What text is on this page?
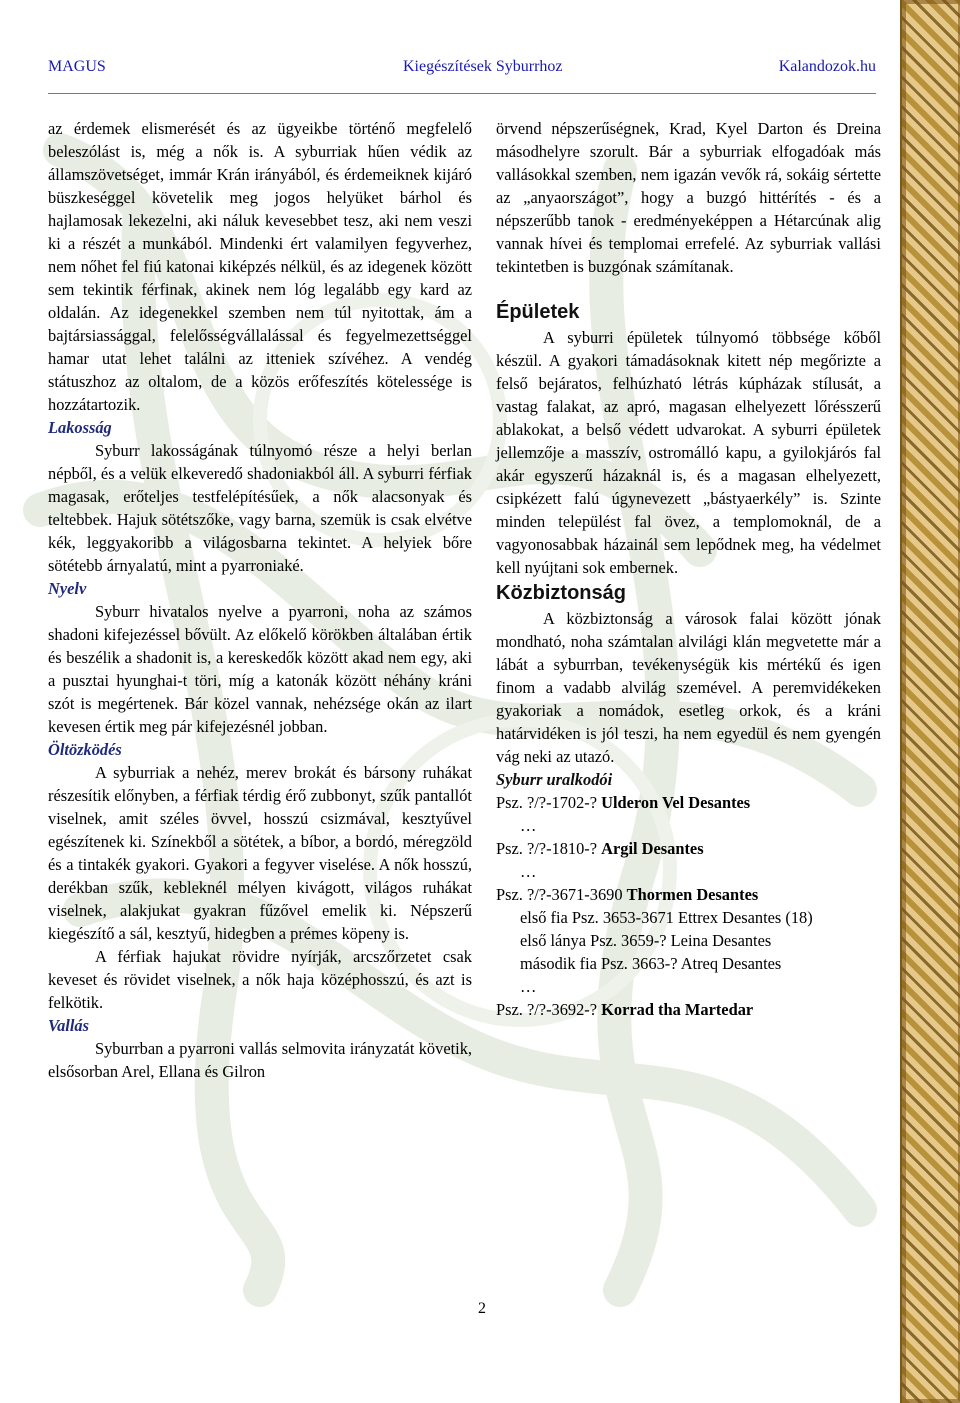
MAGUS	Kiegészítések Syburrhoz	Kalandozok.hu

az érdemek elismerését és az ügyeikbe történő megfelelő beleszólást is, még a nők is. A syburriak hűen védik az államszövetséget, immár Krán irányából, és érdemeiknek kijáró büszkeséggel követelik meg jogos helyüket bárhol és hajlamosak lekezelni, aki náluk kevesebbet tesz, aki nem veszi ki a részét a munkából. Mindenki ért valamilyen fegyverhez, nem nőhet fel fiú katonai kiképzés nélkül, és az idegenek között sem tekintik férfinak, akinek nem lóg legalább egy kard az oldalán. Az idegenekkel szemben nem túl nyitottak, ám a bajtársiassággal, felelősségvállalással és fegyelmezettséggel hamar utat lehet találni az itteniek szívéhez. A vendég státuszhoz az oltalom, de a közös erőfeszítés kötelessége is hozzátartozik.

Lakosság

Syburr lakosságának túlnyomó része a helyi berlan népből, és a velük elkeveredő shadoniakból áll. A syburri férfiak magasak, erőteljes testfelépítésűek, a nők alacsonyak és teltebbek. Hajuk sötétszőke, vagy barna, szemük is csak elvétve kék, leggyakoribb a világosbarna tekintet. A helyiek bőre sötétebb árnyalatú, mint a pyarroniaké.

Nyelv

Syburr hivatalos nyelve a pyarroni, noha az számos shadoni kifejezéssel bővült. Az előkelő körökben általában értik és beszélik a shadonit is, a kereskedők között akad nem egy, aki a pusztai hyunghai-t töri, míg a katonák között néhány kráni szót is megértenek. Bár közel vannak, nehézsége okán az ilart kevesen értik meg pár kifejezésnél jobban.

Öltözködés

A syburriak a nehéz, merev brokát és bársony ruhákat részesítik előnyben, a férfiak térdig érő zubbonyt, szűk pantallót viselnek, amit széles övvel, hosszú csizmával, kesztyűvel egészítenek ki. Színekből a sötétek, a bíbor, a bordó, méregzöld és a tintakék gyakori. Gyakori a fegyver viselése. A nők hosszú, derékban szűk, kebleknél mélyen kivágott, világos ruhákat viselnek, alakjukat gyakran fűzővel emelik ki. Népszerű kiegészítő a sál, kesztyű, hidegben a prémes köpeny is.

A férfiak hajukat rövidre nyírják, arcszőrzetet csak keveset és rövidet viselnek, a nők haja középhosszú, és azt is felkötik.

Vallás

Syburrban a pyarroni vallás selmovita irányzatát követik, elsősorban Arel, Ellana és Gilron

örvend népszerűségnek, Krad, Kyel Darton és Dreina másodhelyre szorult. Bár a syburriak elfogadóak más vallásokkal szemben, nem igazán vevők rá, sokáig sértette az „anyaországot”, hogy a buzgó hittérítés - és a népszerűbb tanok - eredményeképpen a Hétarcúnak alig vannak hívei és templomai errefelé. Az syburriak vallási tekintetben is buzgónak számítanak.

Épületek

A syburri épületek túlnyomó többsége kőből készül. A gyakori támadásoknak kitett nép megőrizte a felső bejáratos, felhúzható létrás kúpházak stílusát, a vastag falakat, az apró, magasan elhelyezett lőrésszerű ablakokat, a belső védett udvarokat. A syburri épületek jellemzője a masszív, ostromálló kapu, a gyilokjárós fal akár egyszerű házaknál is, és a magasan elhelyezett, csipkézett falú úgynevezett „bástyaerkély” is. Szinte minden települést fal övez, a templomoknál, de a vagyonosabbak házainál sem lepődnek meg, ha védelmet kell nyújtani sok embernek.

Közbiztonság

A közbiztonság a városok falai között jónak mondható, noha számtalan alvilági klán megvetette már a lábát a syburrban, tevékenységük kis mértékű és igen finom a vadabb alvilág szemével. A peremvidékeken gyakoriak a nomádok, esetleg orkok, és a kráni határvidéken is jól teszi, ha nem egyedül és nem gyengén vág neki az utazó.

Syburr uralkodói

Psz. ?/?-1702-? Ulderon Vel Desantes

…

Psz. ?/?-1810-? Argil Desantes

…

Psz. ?/?-3671-3690 Thormen Desantes

első fia Psz. 3653-3671 Ettrex Desantes (18)

első lánya Psz. 3659-? Leina Desantes

második fia Psz. 3663-? Atreq Desantes

…

Psz. ?/?-3692-? Korrad tha Martedar

2
